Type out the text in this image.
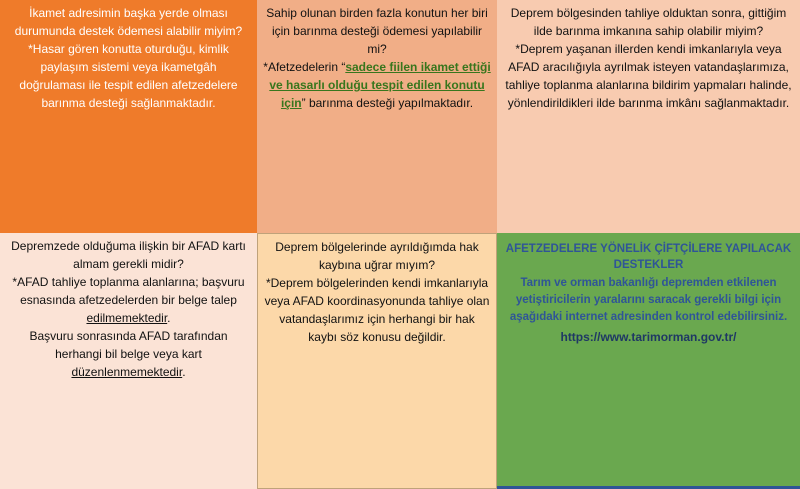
İkamet adresimin başka yerde olması durumunda destek ödemesi alabilir miyim?

*Hasar gören konutta oturduğu, kimlik paylaşım sistemi veya ikametgâh doğrulaması ile tespit edilen afetzedelere barınma desteği sağlanmaktadır.

Sahip olunan birden fazla konutun her biri için barınma desteği ödemesi yapılabilir mi?

*Afetzedelerin “sadece fiilen ikamet ettiği ve hasarlı olduğu tespit edilen konutu için” barınma desteği yapılmaktadır.

Deprem bölgesinden tahliye olduktan sonra, gittiğim ilde barınma imkanına sahip olabilir miyim?

*Deprem yaşanan illerden kendi imkanlarıyla veya AFAD aracılığıyla ayrılmak isteyen vatandaşlarımıza, tahliye toplanma alanlarına bildirim yapmaları halinde, yönlendirildikleri ilde barınma imkânı sağlanmaktadır.

Depremzede olduğuma ilişkin bir AFAD kartı almam gerekli midir?

*AFAD tahliye toplanma alanlarına; başvuru esnasında afetzedelerden bir belge talep edilmemektedir.

Başvuru sonrasında AFAD tarafından herhangi bil belge veya kart düzenlenmemektedir.

Deprem bölgelerinde ayrıldığımda hak kaybına uğrar mıyım?

*Deprem bölgelerinden kendi imkanlarıyla veya AFAD koordinasyonunda tahliye olan vatandaşlarımız için herhangi bir hak kaybı söz konusu değildir.

AFETZEDELERE YÖNELİK ÇİFTÇİLERE YAPILACAK DESTEKLER

Tarım ve orman bakanlığı depremden etkilenen yetiştiricilerin yaralarını saracak gerekli bilgi için aşağıdaki internet adresinden kontrol edebilirsiniz.

https://www.tarimorman.gov.tr/
